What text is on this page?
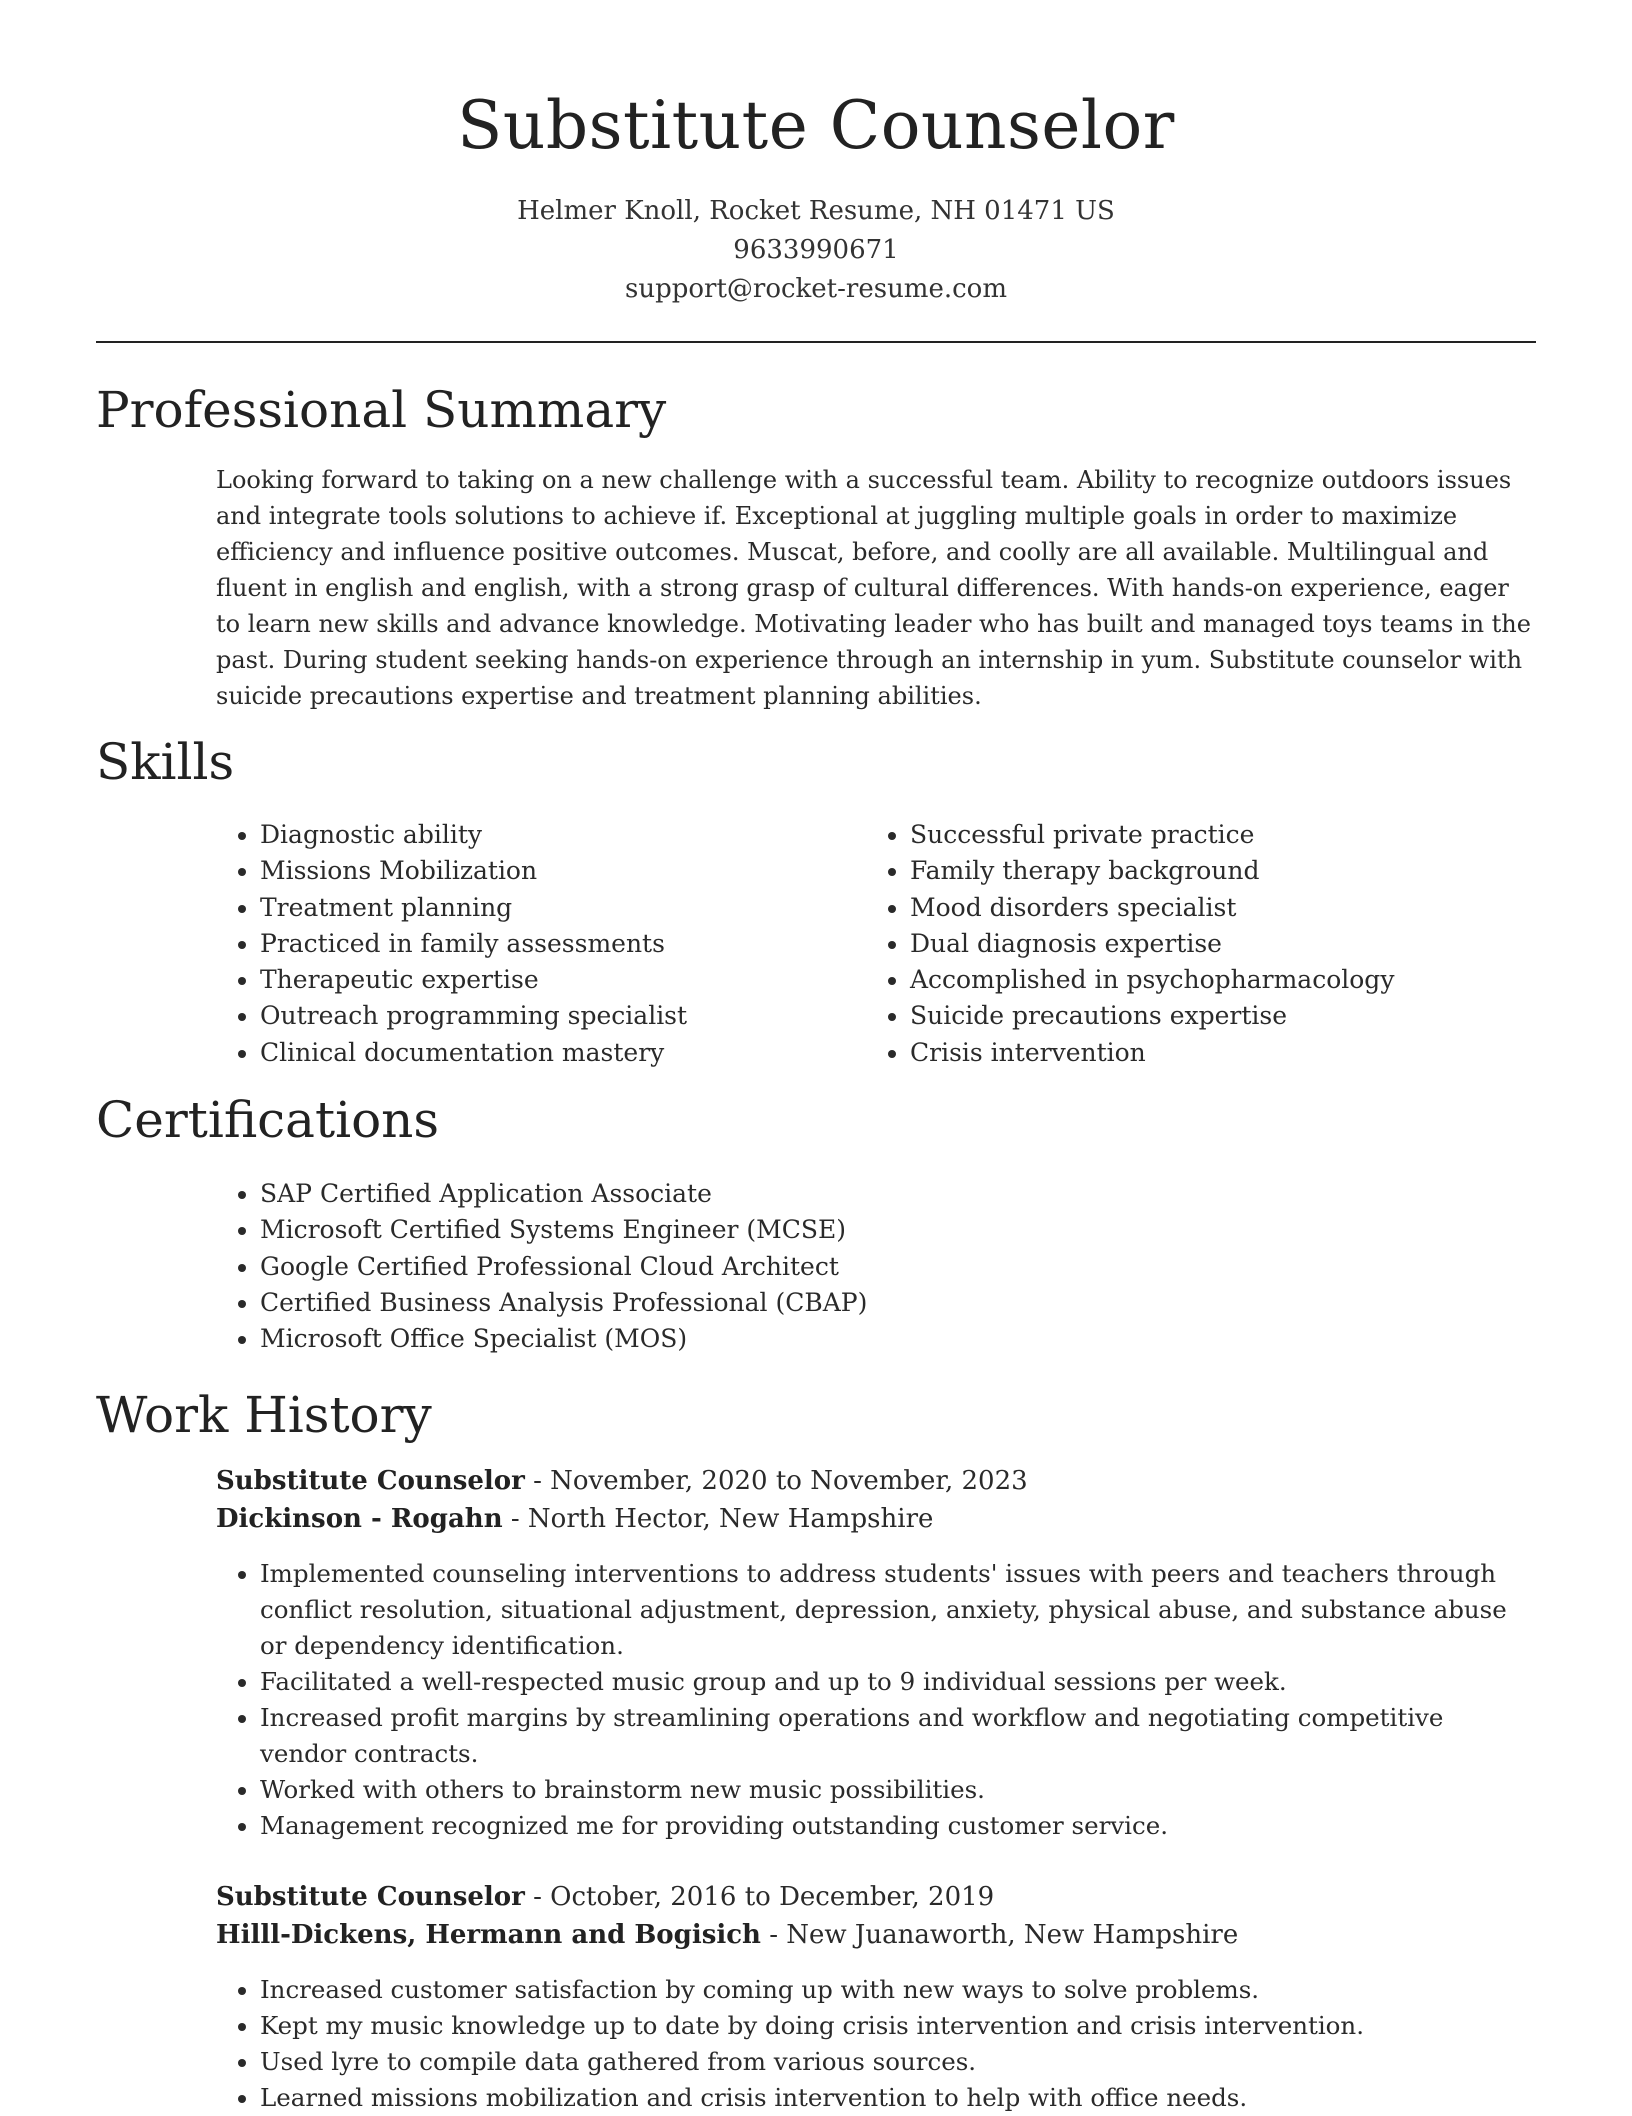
Substitute Counselor
Helmer Knoll, Rocket Resume, NH 01471 US
9633990671
support@rocket-resume.com
Professional Summary

Looking forward to taking on a new challenge with a successful team. Ability to recognize outdoors issues and integrate tools solutions to achieve if. Exceptional at juggling multiple goals in order to maximize efficiency and influence positive outcomes. Muscat, before, and coolly are all available. Multilingual and fluent in english and english, with a strong grasp of cultural differences. With hands-on experience, eager to learn new skills and advance knowledge. Motivating leader who has built and managed toys teams in the past. During student seeking hands-on experience through an internship in yum. Substitute counselor with suicide precautions expertise and treatment planning abilities.

Skills
• Diagnostic ability
• Missions Mobilization
• Treatment planning
• Practiced in family assessments
• Therapeutic expertise
• Outreach programming specialist
• Clinical documentation mastery
• Successful private practice
• Family therapy background
• Mood disorders specialist
• Dual diagnosis expertise
• Accomplished in psychopharmacology
• Suicide precautions expertise
• Crisis intervention
Certifications
• SAP Certified Application Associate
• Microsoft Certified Systems Engineer (MCSE)
• Google Certified Professional Cloud Architect
• Certified Business Analysis Professional (CBAP)
• Microsoft Office Specialist (MOS)
Work History
Substitute Counselor - November, 2020 to November, 2023
Dickinson - Rogahn - North Hector, New Hampshire
• Implemented counseling interventions to address students' issues with peers and teachers through conflict resolution, situational adjustment, depression, anxiety, physical abuse, and substance abuse or dependency identification.
• Facilitated a well-respected music group and up to 9 individual sessions per week.
• Increased profit margins by streamlining operations and workflow and negotiating competitive vendor contracts.
• Worked with others to brainstorm new music possibilities.
• Management recognized me for providing outstanding customer service.
Substitute Counselor - October, 2016 to December, 2019
Hilll-Dickens, Hermann and Bogisich - New Juanaworth, New Hampshire
• Increased customer satisfaction by coming up with new ways to solve problems.
• Kept my music knowledge up to date by doing crisis intervention and crisis intervention.
• Used lyre to compile data gathered from various sources.
• Learned missions mobilization and crisis intervention to help with office needs.
